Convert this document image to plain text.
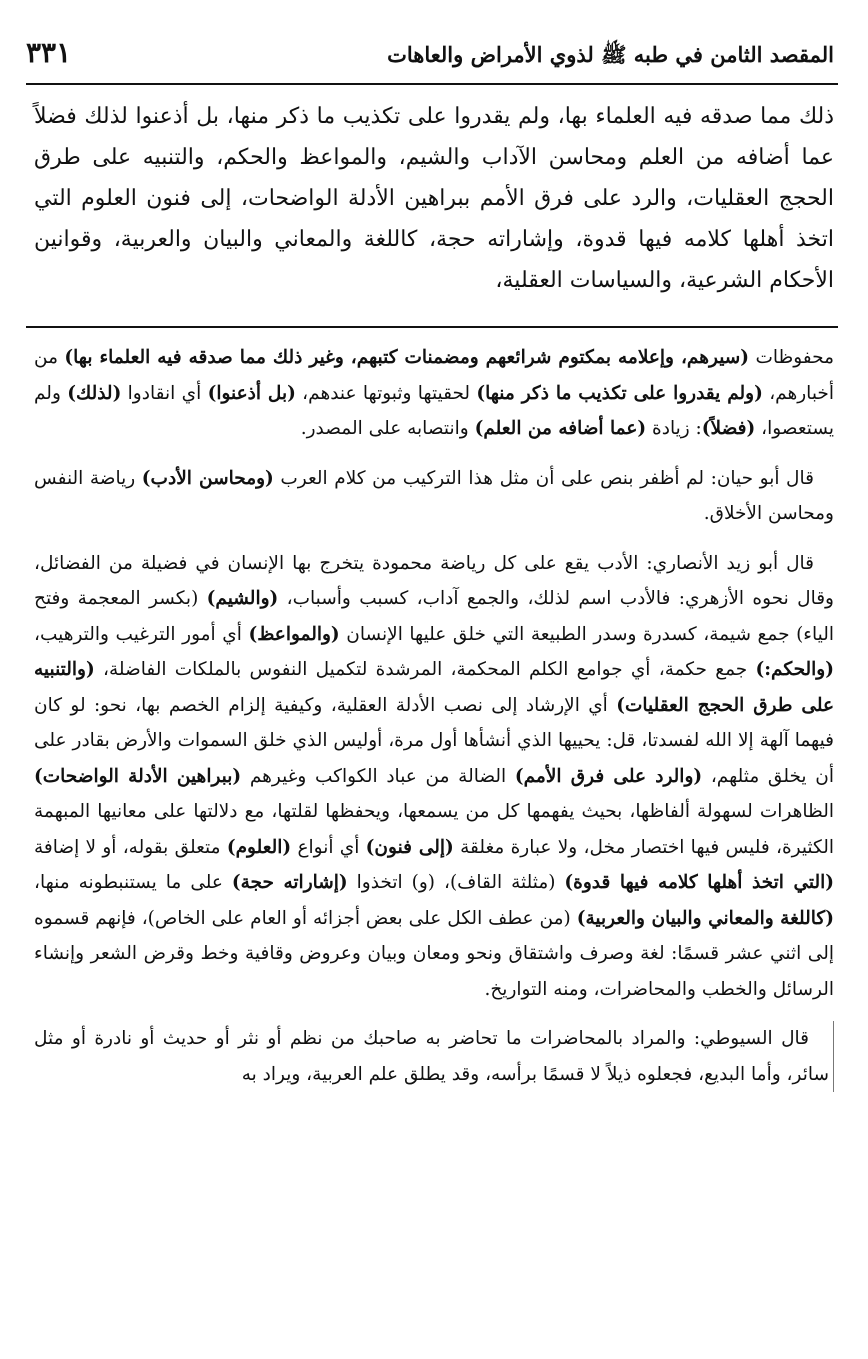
المقصد الثامن في طبه ﷺ لذوي الأمراض والعاهات
٣٣١
ذلك مما صدقه فيه العلماء بها، ولم يقدروا على تكذيب ما ذكر منها، بل أذعنوا لذلك فضلاً عما أضافه من العلم ومحاسن الآداب والشيم، والمواعظ والحكم، والتنبيه على طرق الحجج العقليات، والرد على فرق الأمم ببراهين الأدلة الواضحات، إلى فنون العلوم التي اتخذ أهلها كلامه فيها قدوة، وإشاراته حجة، كاللغة والمعاني والبيان والعربية، وقوانين الأحكام الشرعية، والسياسات العقلية،

محفوظات (سيرهم، وإعلامه بمكتوم شرائعهم ومضمنات كتبهم، وغير ذلك مما صدقه فيه العلماء بها) من أخبارهم، (ولم يقدروا على تكذيب ما ذكر منها) لحقيتها وثبوتها عندهم، (بل أذعنوا) أي انقادوا (لذلك) ولم يستعصوا، (فضلاً): زيادة (عما أضافه من العلم) وانتصابه على المصدر.

قال أبو حيان: لم أظفر بنص على أن مثل هذا التركيب من كلام العرب (ومحاسن الأدب) رياضة النفس ومحاسن الأخلاق.

قال أبو زيد الأنصاري: الأدب يقع على كل رياضة محمودة يتخرج بها الإنسان في فضيلة من الفضائل، وقال نحوه الأزهري: فالأدب اسم لذلك، والجمع آداب، كسبب وأسباب، (والشيم) (بكسر المعجمة وفتح الياء) جمع شيمة، كسدرة وسدر الطبيعة التي خلق عليها الإنسان (والمواعظ) أي أمور الترغيب والترهيب، (والحكم:) جمع حكمة، أي جوامع الكلم المحكمة، المرشدة لتكميل النفوس بالملكات الفاضلة، (والتنبيه على طرق الحجج العقليات) أي الإرشاد إلى نصب الأدلة العقلية، وكيفية إلزام الخصم بها، نحو: لو كان فيهما آلهة إلا الله لفسدتا، قل: يحييها الذي أنشأها أول مرة، أوليس الذي خلق السموات والأرض بقادر على أن يخلق مثلهم، (والرد على فرق الأمم) الضالة من عباد الكواكب وغيرهم (ببراهين الأدلة الواضحات) الظاهرات لسهولة ألفاظها، بحيث يفهمها كل من يسمعها، ويحفظها لقلتها، مع دلالتها على معانيها المبهمة الكثيرة، فليس فيها اختصار مخل، ولا عبارة مغلقة (إلى فنون) أي أنواع (العلوم) متعلق بقوله، أو لا إضافة (التي اتخذ أهلها كلامه فيها قدوة) (مثلثة القاف)، (و) اتخذوا (إشاراته حجة) على ما يستنبطونه منها، (كاللغة والمعاني والبيان والعربية) (من عطف الكل على بعض أجزائه أو العام على الخاص)، فإنهم قسموه إلى اثني عشر قسمًا: لغة وصرف واشتقاق ونحو ومعان وبيان وعروض وقافية وخط وقرض الشعر وإنشاء الرسائل والخطب والمحاضرات، ومنه التواريخ.

قال السيوطي: والمراد بالمحاضرات ما تحاضر به صاحبك من نظم أو نثر أو حديث أو نادرة أو مثل سائر، وأما البديع، فجعلوه ذيلاً لا قسمًا برأسه، وقد يطلق علم العربية، ويراد به
